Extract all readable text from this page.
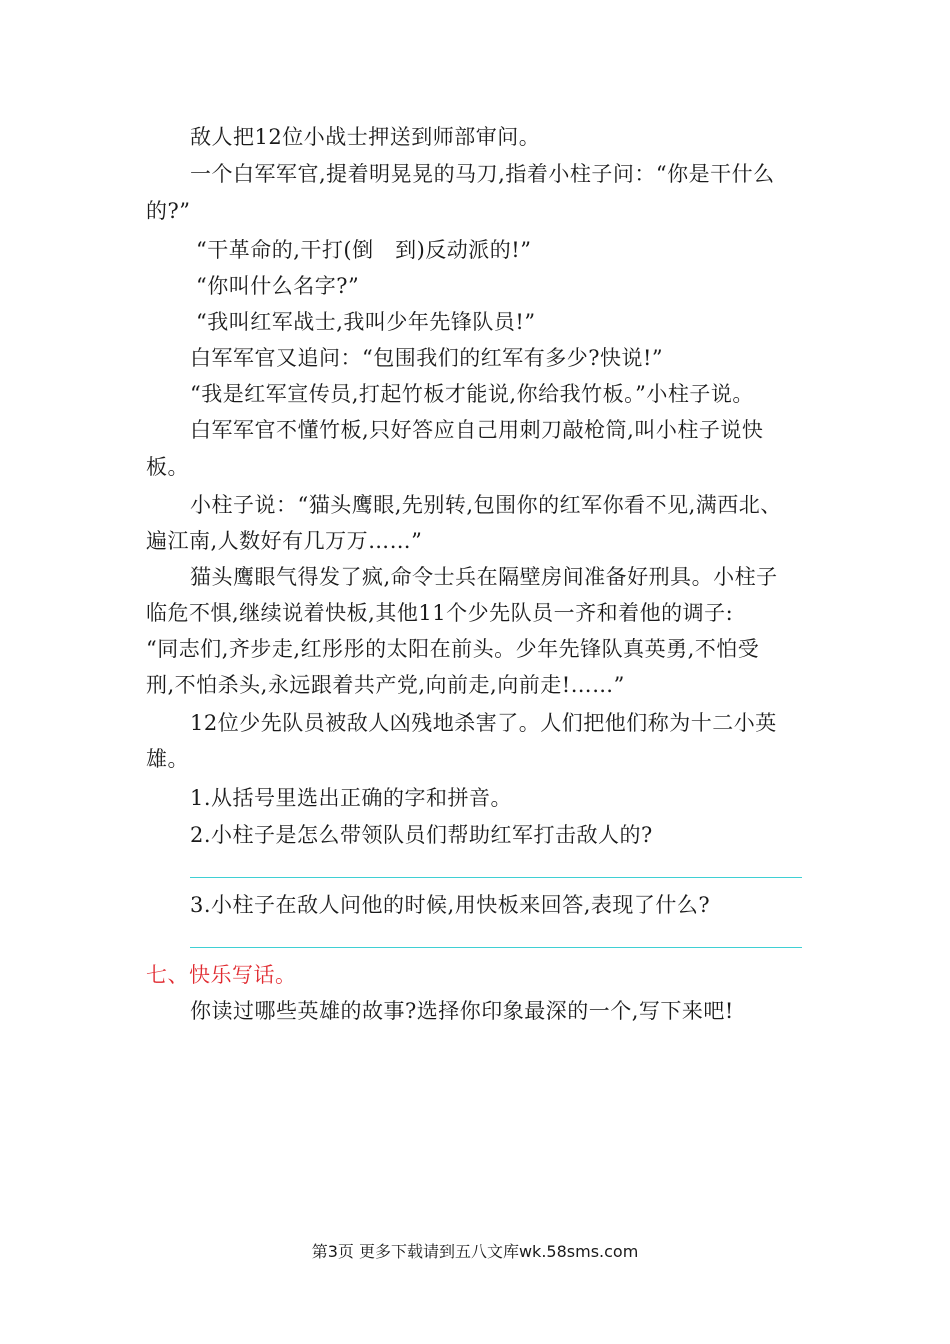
敌人把12位小战士押送到师部审问。
一个白军军官,提着明晃晃的马刀,指着小柱子问：“你是干什么
的?”
“干革命的,干打(倒　到)反动派的!”
“你叫什么名字?”
“我叫红军战士,我叫少年先锋队员!”
白军军官又追问：“包围我们的红军有多少?快说!”
“我是红军宣传员,打起竹板才能说,你给我竹板。”小柱子说。
白军军官不懂竹板,只好答应自己用刺刀敲枪筒,叫小柱子说快
板。
小柱子说：“猫头鹰眼,先别转,包围你的红军你看不见,满西北、
遍江南,人数好有几万万……”
猫头鹰眼气得发了疯,命令士兵在隔壁房间准备好刑具。小柱子
临危不惧,继续说着快板,其他11个少先队员一齐和着他的调子:
“同志们,齐步走,红彤彤的太阳在前头。少年先锋队真英勇,不怕受
刑,不怕杀头,永远跟着共产党,向前走,向前走!……”
12位少先队员被敌人凶残地杀害了。人们把他们称为十二小英
雄。
1.从括号里选出正确的字和拼音。
2.小柱子是怎么带领队员们帮助红军打击敌人的?
3.小柱子在敌人问他的时候,用快板来回答,表现了什么?
七、快乐写话。
你读过哪些英雄的故事?选择你印象最深的一个,写下来吧!
第3页 更多下载请到五八文库wk.58sms.com
